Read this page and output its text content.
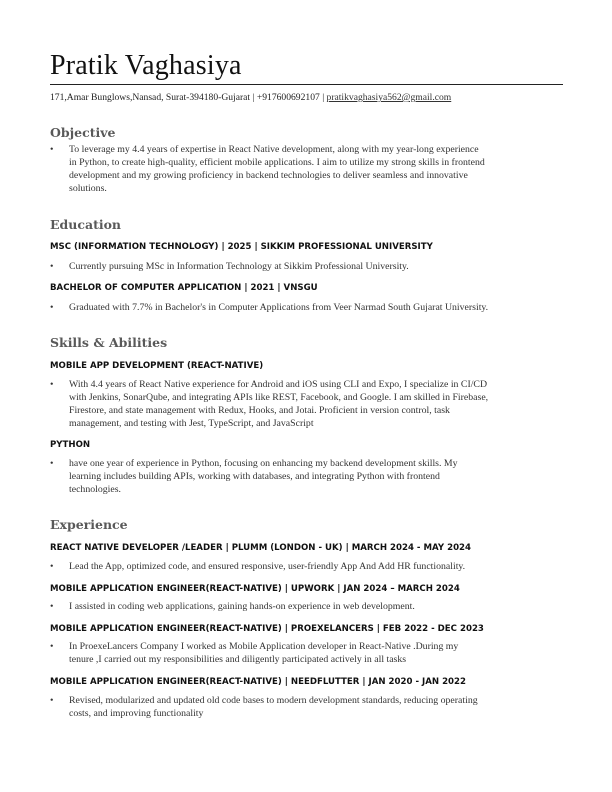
Pratik Vaghasiya
171,Amar Bunglows,Nansad, Surat-394180-Gujarat | +917600692107 | pratikvaghasiya562@gmail.com
Objective
• To leverage my 4.4 years of expertise in React Native development, along with my year-long experience
in Python, to create high-quality, efficient mobile applications. I aim to utilize my strong skills in frontend
development and my growing proficiency in backend technologies to deliver seamless and innovative
solutions.
Education
MSC (INFORMATION TECHNOLOGY) | 2025 | SIKKIM PROFESSIONAL UNIVERSITY
• Currently pursuing MSc in Information Technology at Sikkim Professional University.
BACHELOR OF COMPUTER APPLICATION | 2021 | VNSGU
• Graduated with 7.7% in Bachelor's in Computer Applications from Veer Narmad South Gujarat University.
Skills & Abilities
MOBILE APP DEVELOPMENT (REACT-NATIVE)
• With 4.4 years of React Native experience for Android and iOS using CLI and Expo, I specialize in CI/CD
with Jenkins, SonarQube, and integrating APIs like REST, Facebook, and Google. I am skilled in Firebase,
Firestore, and state management with Redux, Hooks, and Jotai. Proficient in version control, task
management, and testing with Jest, TypeScript, and JavaScript
PYTHON
• have one year of experience in Python, focusing on enhancing my backend development skills. My
learning includes building APIs, working with databases, and integrating Python with frontend
technologies.
Experience
REACT NATIVE DEVELOPER /LEADER | PLUMM (LONDON - UK) | MARCH 2024 - MAY 2024
• Lead the App, optimized code, and ensured responsive, user-friendly App And Add HR functionality.
MOBILE APPLICATION ENGINEER(REACT-NATIVE) | UPWORK | JAN 2024 – MARCH 2024
• I assisted in coding web applications, gaining hands-on experience in web development.
MOBILE APPLICATION ENGINEER(REACT-NATIVE) | PROEXELANCERS | FEB 2022 - DEC 2023
• In ProexeLancers Company I worked as Mobile Application developer in React-Native .During my
tenure ,I carried out my responsibilities and diligently participated actively in all tasks
MOBILE APPLICATION ENGINEER(REACT-NATIVE) | NEEDFLUTTER | JAN 2020 - JAN 2022
• Revised, modularized and updated old code bases to modern development standards, reducing operating
costs, and improving functionality
